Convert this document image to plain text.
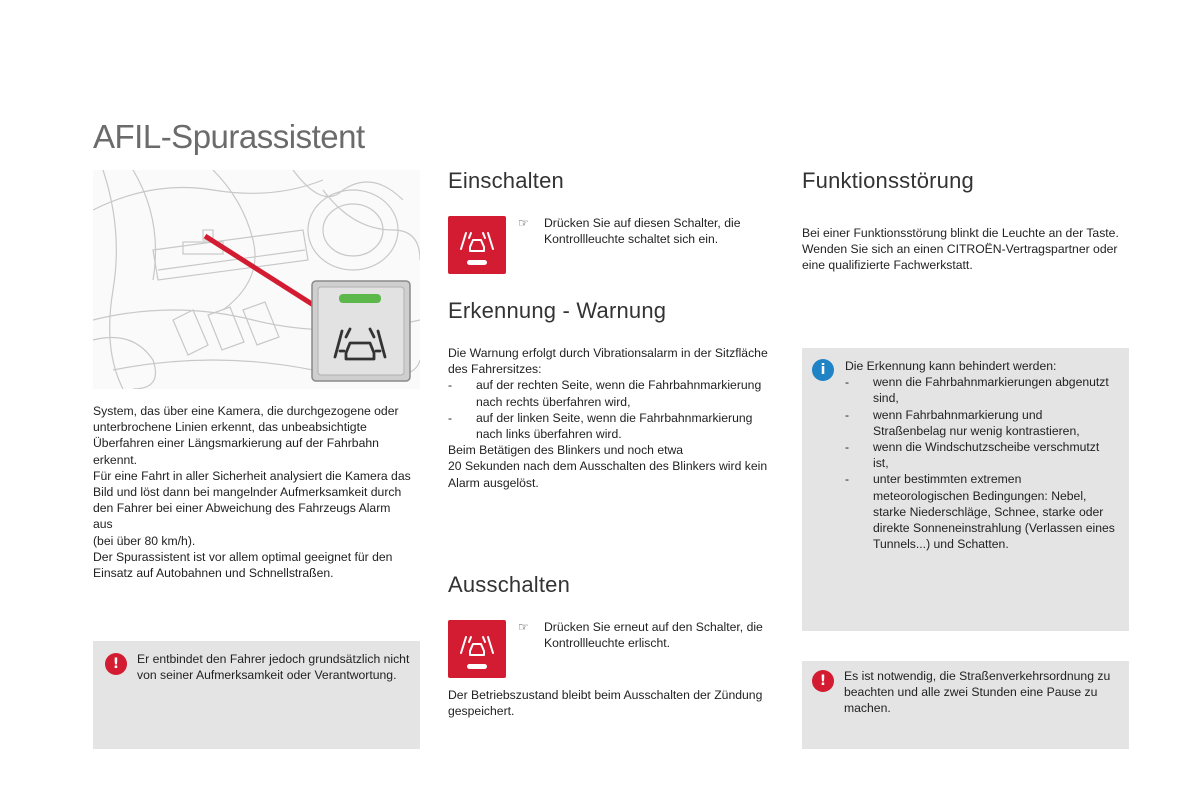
AFIL-Spurassistent

System, das über eine Kamera, die durchgezogene oder unterbrochene Linien erkennt, das unbeabsichtigte Überfahren einer Längsmarkierung auf der Fahrbahn erkennt.

Für eine Fahrt in aller Sicherheit analysiert die Kamera das Bild und löst dann bei mangelnder Aufmerksamkeit durch den Fahrer bei einer Abweichung des Fahrzeugs Alarm aus

(bei über 80 km/h).

Der Spurassistent ist vor allem optimal geeignet für den Einsatz auf Autobahnen und Schnellstraßen.

!	Er entbindet den Fahrer jedoch grundsätzlich nicht von seiner Aufmerksamkeit oder Verantwortung.
Einschalten
☞	Drücken Sie auf diesen Schalter, die Kontrollleuchte schaltet sich ein.
Erkennung - Warnung

Die Warnung erfolgt durch Vibrationsalarm in der Sitzfläche des Fahrersitzes:

- auf der rechten Seite, wenn die Fahrbahnmarkierung nach rechts überfahren wird,
- auf der linken Seite, wenn die Fahrbahnmarkierung nach links überfahren wird.

Beim Betätigen des Blinkers und noch etwa

20 Sekunden nach dem Ausschalten des Blinkers wird kein Alarm ausgelöst.

Ausschalten
☞	Drücken Sie erneut auf den Schalter, die Kontrollleuchte erlischt.
Der Betriebszustand bleibt beim Ausschalten der Zündung gespeichert.
Funktionsstörung

Bei einer Funktionsstörung blinkt die Leuchte an der Taste.

Wenden Sie sich an einen CITROËN-Vertragspartner oder eine qualifizierte Fachwerkstatt.

i	Die Erkennung kann behindert werden:

- wenn die Fahrbahnmarkierungen abgenutzt sind,
- wenn Fahrbahnmarkierung und Straßenbelag nur wenig kontrastieren,
- wenn die Windschutzscheibe verschmutzt ist,
- unter bestimmten extremen meteorologischen Bedingungen: Nebel, starke Niederschläge, Schnee, starke oder direkte Sonneneinstrahlung (Verlassen eines Tunnels...) und Schatten.
!	Es ist notwendig, die Straßenverkehrsordnung zu beachten und alle zwei Stunden eine Pause zu machen.
